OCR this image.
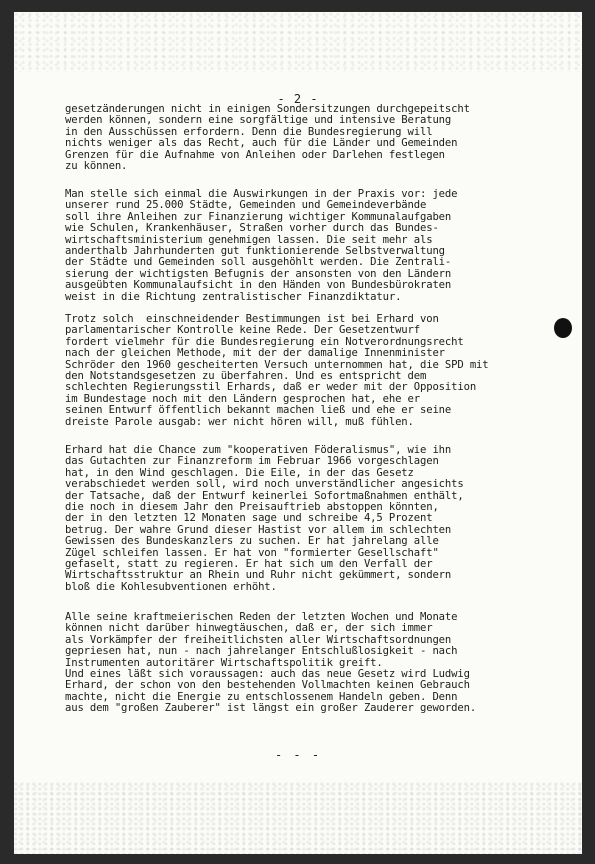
- 2 -

gesetzänderungen nicht in einigen Sondersitzungen durchgepeitscht
werden können, sondern eine sorgfältige und intensive Beratung
in den Ausschüssen erfordern. Denn die Bundesregierung will
nichts weniger als das Recht, auch für die Länder und Gemeinden
Grenzen für die Aufnahme von Anleihen oder Darlehen festlegen
zu können.

Man stelle sich einmal die Auswirkungen in der Praxis vor: jede
unserer rund 25.000 Städte, Gemeinden und Gemeindeverbände
soll ihre Anleihen zur Finanzierung wichtiger Kommunalaufgaben
wie Schulen, Krankenhäuser, Straßen vorher durch das Bundes-
wirtschaftsministerium genehmigen lassen. Die seit mehr als
anderthalb Jahrhunderten gut funktionierende Selbstverwaltung
der Städte und Gemeinden soll ausgehöhlt werden. Die Zentrali-
sierung der wichtigsten Befugnis der ansonsten von den Ländern
ausgeübten Kommunalaufsicht in den Händen von Bundesbürokraten
weist in die Richtung zentralistischer Finanzdiktatur.

Trotz solch  einschneidender Bestimmungen ist bei Erhard von
parlamentarischer Kontrolle keine Rede. Der Gesetzentwurf
fordert vielmehr für die Bundesregierung ein Notverordnungsrecht
nach der gleichen Methode, mit der der damalige Innenminister
Schröder den 1960 gescheiterten Versuch unternommen hat, die SPD mit
den Notstandsgesetzen zu überfahren. Und es entspricht dem
schlechten Regierungsstil Erhards, daß er weder mit der Opposition
im Bundestage noch mit den Ländern gesprochen hat, ehe er
seinen Entwurf öffentlich bekannt machen ließ und ehe er seine
dreiste Parole ausgab: wer nicht hören will, muß fühlen.

Erhard hat die Chance zum "kooperativen Föderalismus", wie ihn
das Gutachten zur Finanzreform im Februar 1966 vorgeschlagen
hat, in den Wind geschlagen. Die Eile, in der das Gesetz
verabschiedet werden soll, wird noch unverständlicher angesichts
der Tatsache, daß der Entwurf keinerlei Sofortmaßnahmen enthält,
die noch in diesem Jahr den Preisauftrieb abstoppen könnten,
der in den letzten 12 Monaten sage und schreibe 4,5 Prozent
betrug. Der wahre Grund dieser Hastist vor allem im schlechten
Gewissen des Bundeskanzlers zu suchen. Er hat jahrelang alle
Zügel schleifen lassen. Er hat von "formierter Gesellschaft"
gefaselt, statt zu regieren. Er hat sich um den Verfall der
Wirtschaftsstruktur an Rhein und Ruhr nicht gekümmert, sondern
bloß die Kohlesubventionen erhöht.

Alle seine kraftmeierischen Reden der letzten Wochen und Monate
können nicht darüber hinwegtäuschen, daß er, der sich immer
als Vorkämpfer der freiheitlichsten aller Wirtschaftsordnungen
gepriesen hat, nun - nach jahrelanger Entschlußlosigkeit - nach
Instrumenten autoritärer Wirtschaftspolitik greift.
Und eines läßt sich voraussagen: auch das neue Gesetz wird Ludwig
Erhard, der schon von den bestehenden Vollmachten keinen Gebrauch
machte, nicht die Energie zu entschlossenem Handeln geben. Denn
aus dem "großen Zauberer" ist längst ein großer Zauderer geworden.

- - -
